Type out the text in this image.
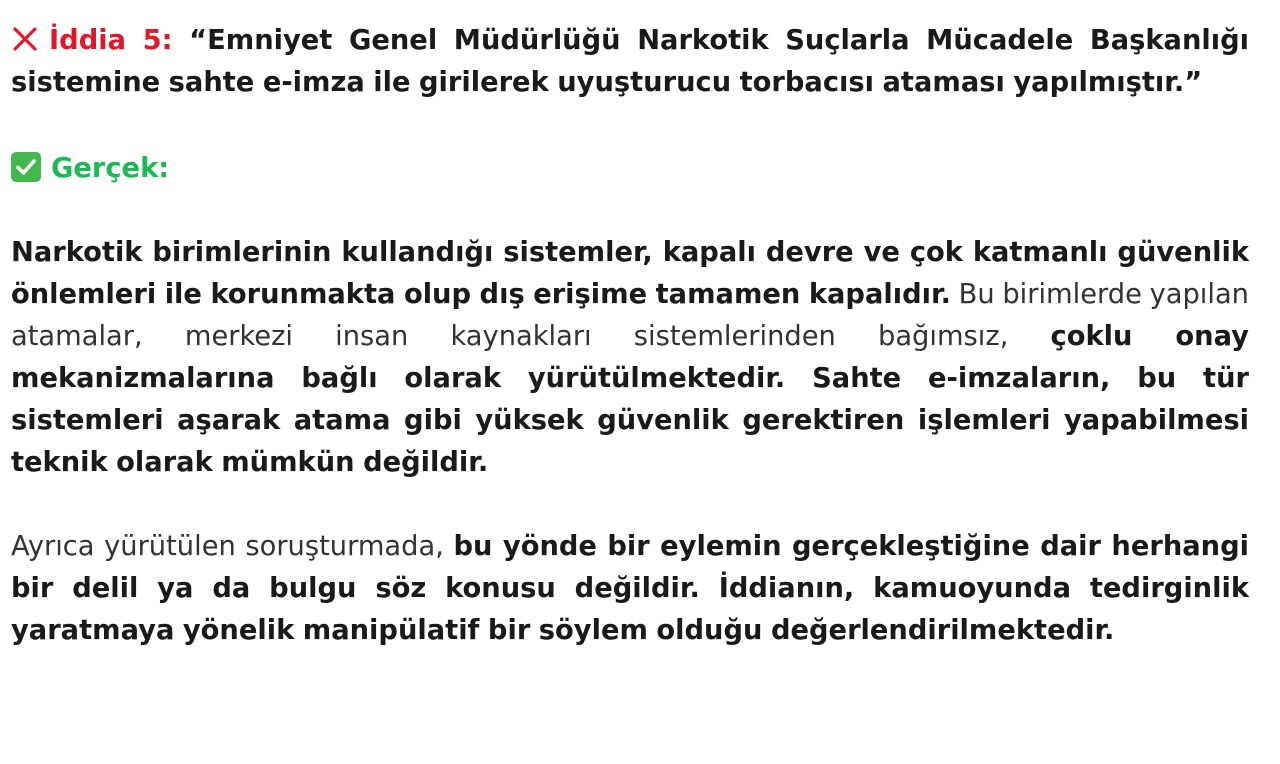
İddia 5: “Emniyet Genel Müdürlüğü Narkotik Suçlarla Mücadele Başkanlığı sistemine sahte e-imza ile girilerek uyuşturucu torbacısı ataması yapılmıştır.”

Gerçek:

Narkotik birimlerinin kullandığı sistemler, kapalı devre ve çok katmanlı güvenlik önlemleri ile korunmakta olup dış erişime tamamen kapalıdır. Bu birimlerde yapılan atamalar, merkezi insan kaynakları sistemlerinden bağımsız, çoklu onay mekanizmalarına bağlı olarak yürütülmektedir. Sahte e-imzaların, bu tür sistemleri aşarak atama gibi yüksek güvenlik gerektiren işlemleri yapabilmesi teknik olarak mümkün değildir.

Ayrıca yürütülen soruşturmada, bu yönde bir eylemin gerçekleştiğine dair herhangi bir delil ya da bulgu söz konusu değildir. İddianın, kamuoyunda tedirginlik yaratmaya yönelik manipülatif bir söylem olduğu değerlendirilmektedir.
